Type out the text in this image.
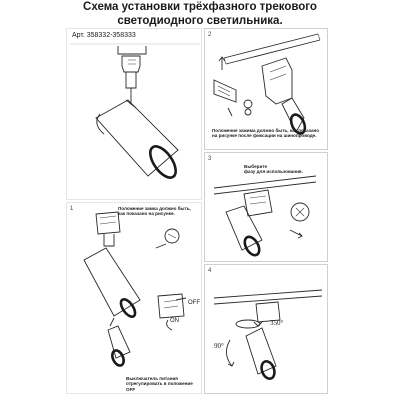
Схема установки трёхфазного трекового
светодиодного светильника.
Арт. 358332-358333	2
Положение зажима должно быть, как показано
на рисунке после фиксации на шинопроводе.
3
Выберите
фазу для использования.
4
350°
90°
1	Положение замка должно быть,
как показано на рисунке.
OFF
ON
Выключатель питания
отрегулировать в положение OFF
